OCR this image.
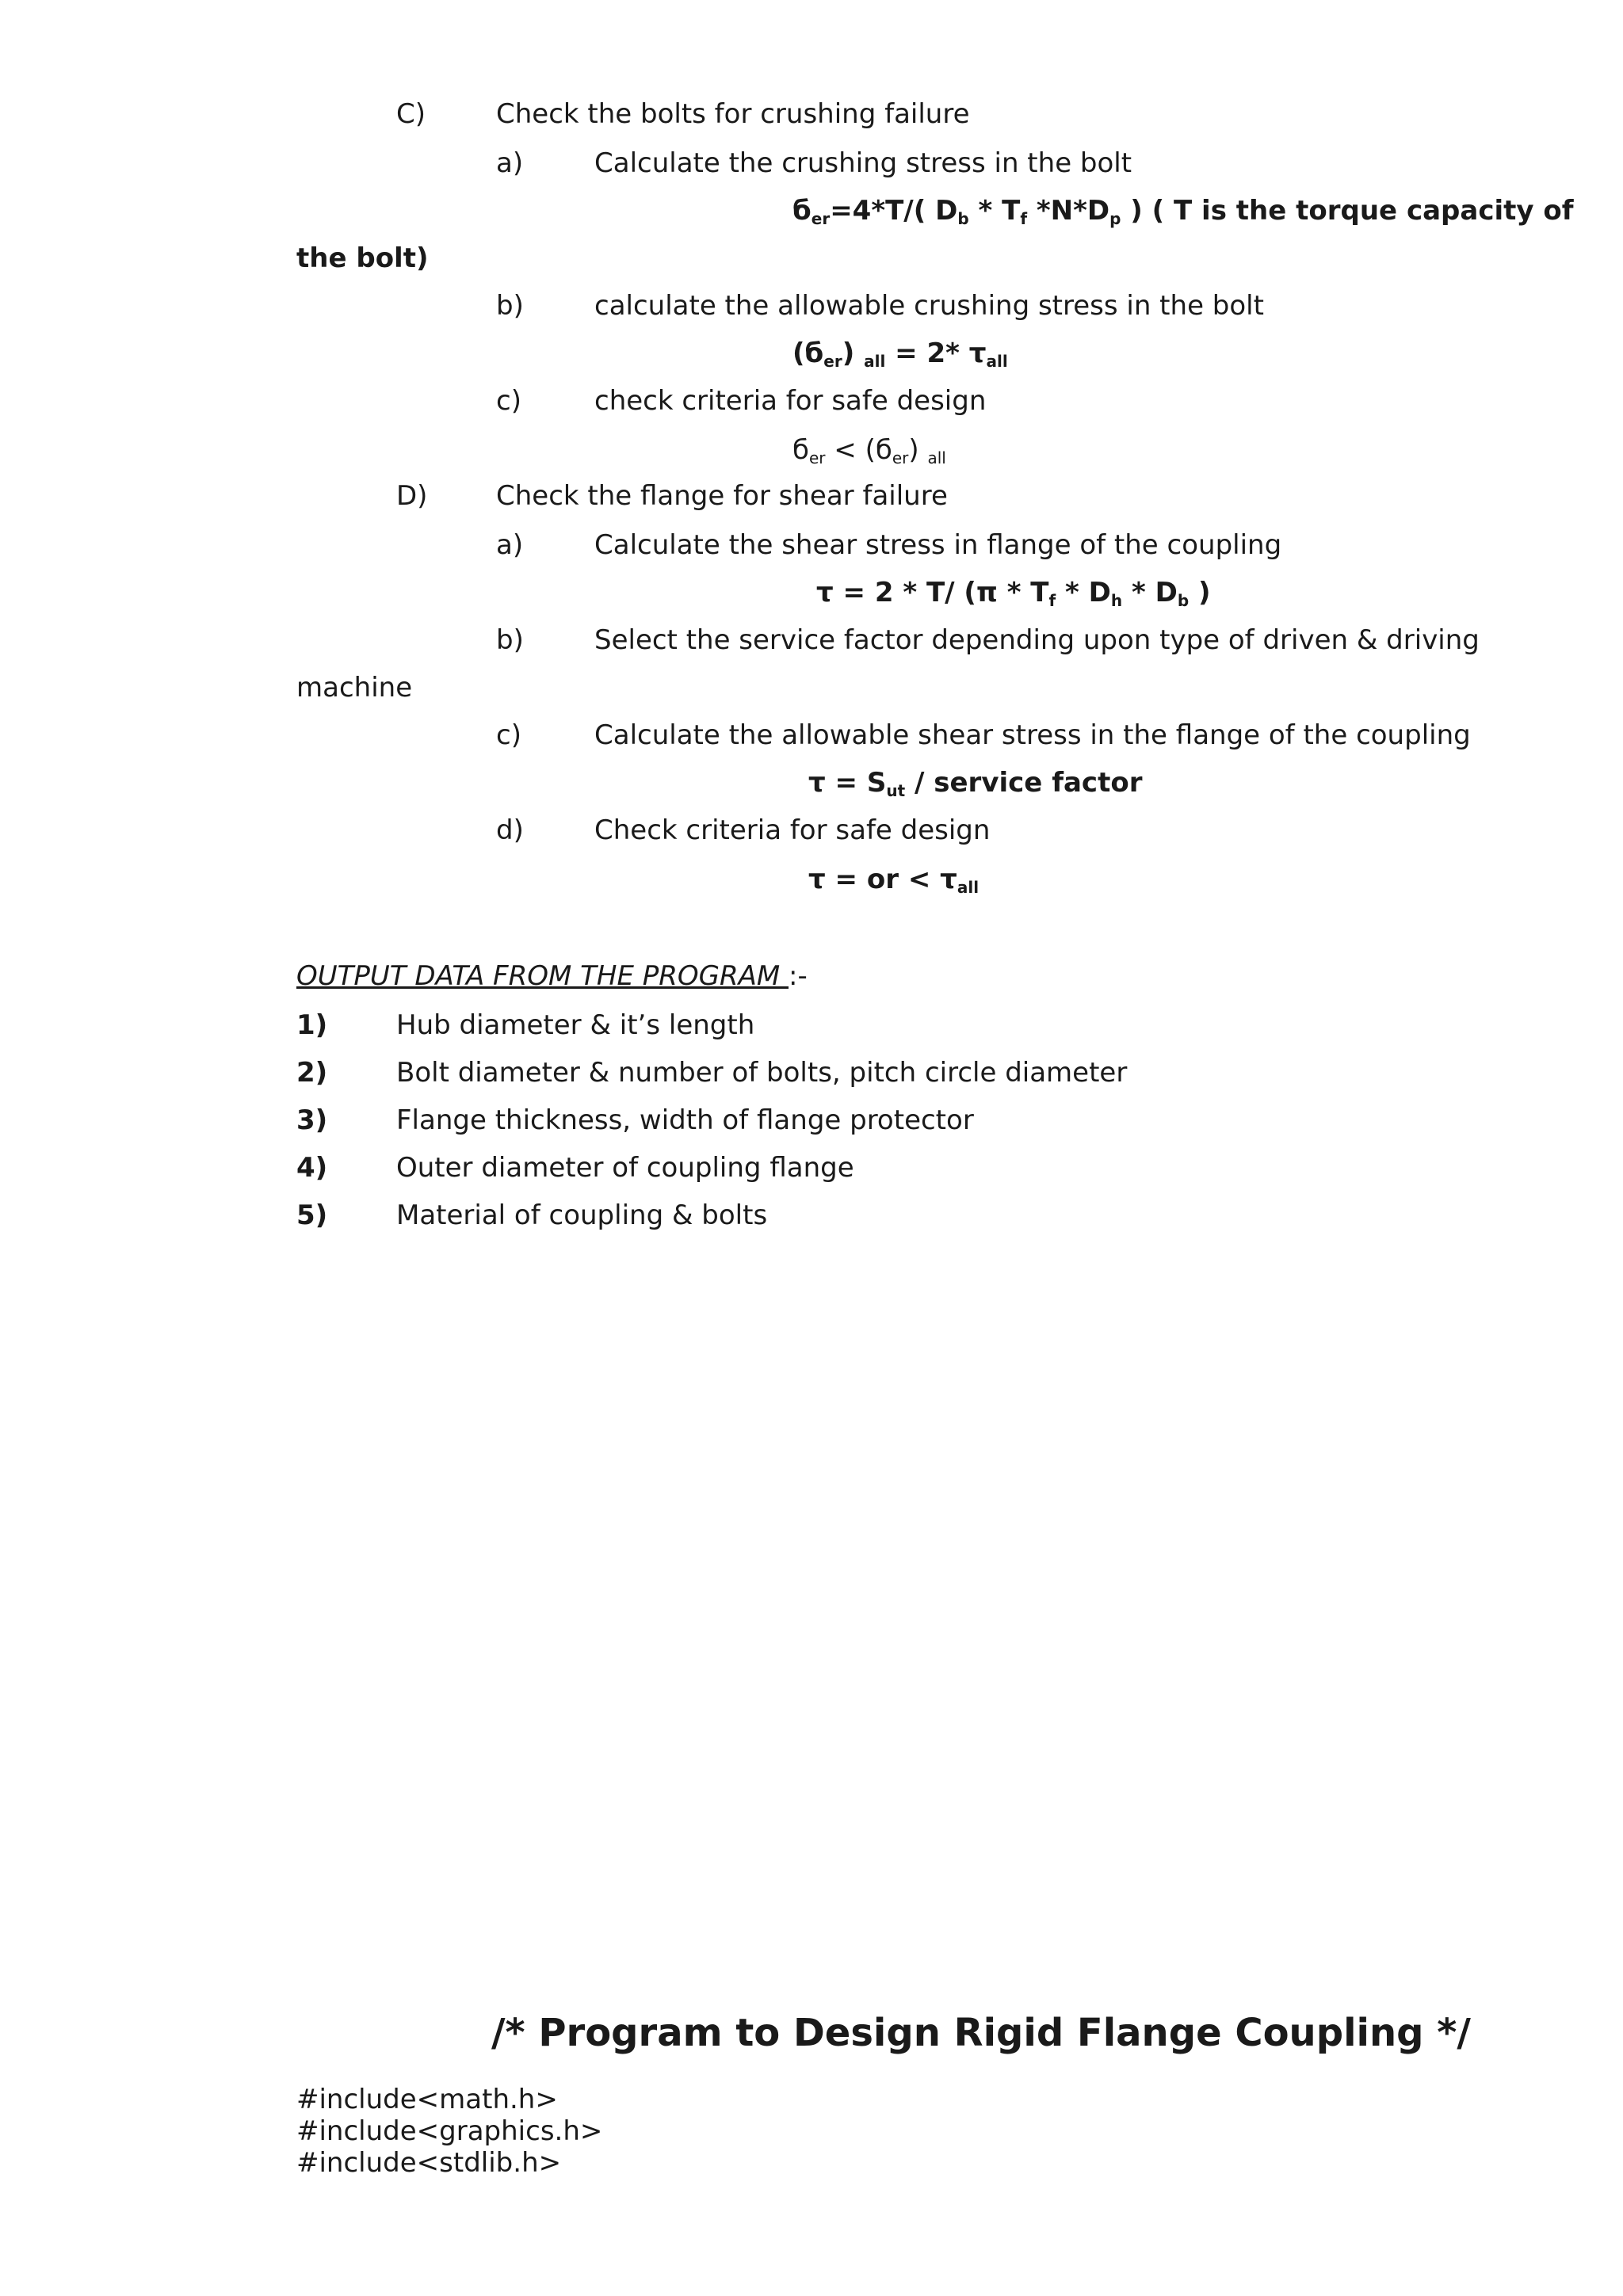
C)	Check the bolts for crushing failure
a)	Calculate the crushing stress in the bolt
$б_{er}=4*T/$( $D_b * T_f$ $*N*D_p$ ) ( T is the torque capacity of
the bolt)
b)	calculate the allowable crushing stress in the bolt
$(б_{er}) _{all} = 2*$ $\tau_{all}$
c)	check criteria for safe design
$б_{er} < (б_{er})$ $_{all}$
D)	Check the flange for shear failure
a)	Calculate the shear stress in flange of the coupling
τ = 2 * T/ ($\pi * T_f * D_h * D_b$ )
b)	Select the service factor depending upon type of driven & driving
machine
c)	Calculate the allowable shear stress in the flange of the coupling
$\tau = S_{ut}$ / service factor
d)	Check criteria for safe design
τ = or < $\tau_{all}$
OUTPUT DATA FROM THE PROGRAM :-
1)	Hub diameter & it’s length
2)	Bolt diameter & number of bolts, pitch circle diameter
3)	Flange thickness, width of flange protector
4)	Outer diameter of coupling flange
5)	Material of coupling & bolts
/* Program to Design Rigid Flange Coupling */
#include<math.h>
#include<graphics.h>
#include<stdlib.h>
